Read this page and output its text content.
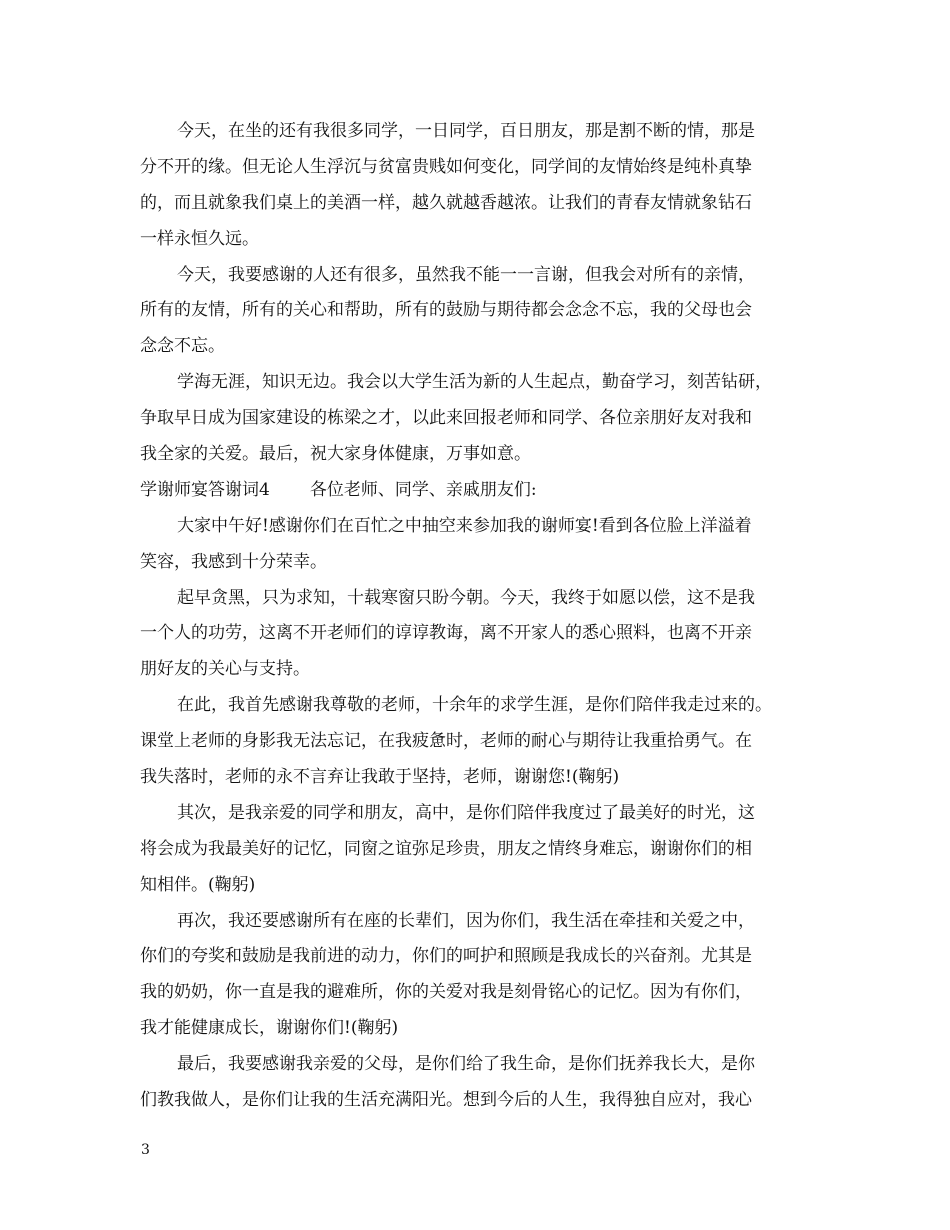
今天，在坐的还有我很多同学，一日同学，百日朋友，那是割不断的情，那是
分不开的缘。但无论人生浮沉与贫富贵贱如何变化，同学间的友情始终是纯朴真挚
的，而且就象我们桌上的美酒一样，越久就越香越浓。让我们的青春友情就象钻石
一样永恒久远。
今天，我要感谢的人还有很多，虽然我不能一一言谢，但我会对所有的亲情，
所有的友情，所有的关心和帮助，所有的鼓励与期待都会念念不忘，我的父母也会
念念不忘。
学海无涯，知识无边。我会以大学生活为新的人生起点，勤奋学习，刻苦钻研，
争取早日成为国家建设的栋梁之才，以此来回报老师和同学、各位亲朋好友对我和
我全家的关爱。最后，祝大家身体健康，万事如意。
学谢师宴答谢词4 各位老师、同学、亲戚朋友们:
大家中午好!感谢你们在百忙之中抽空来参加我的谢师宴!看到各位脸上洋溢着
笑容，我感到十分荣幸。
起早贪黑，只为求知，十载寒窗只盼今朝。今天，我终于如愿以偿，这不是我
一个人的功劳，这离不开老师们的谆谆教诲，离不开家人的悉心照料，也离不开亲
朋好友的关心与支持。
在此，我首先感谢我尊敬的老师，十余年的求学生涯，是你们陪伴我走过来的。
课堂上老师的身影我无法忘记，在我疲惫时，老师的耐心与期待让我重拾勇气。在
我失落时，老师的永不言弃让我敢于坚持，老师，谢谢您!(鞠躬)
其次，是我亲爱的同学和朋友，高中，是你们陪伴我度过了最美好的时光，这
将会成为我最美好的记忆，同窗之谊弥足珍贵，朋友之情终身难忘，谢谢你们的相
知相伴。(鞠躬)
再次，我还要感谢所有在座的长辈们，因为你们，我生活在牵挂和关爱之中，
你们的夸奖和鼓励是我前进的动力，你们的呵护和照顾是我成长的兴奋剂。尤其是
我的奶奶，你一直是我的避难所，你的关爱对我是刻骨铭心的记忆。因为有你们，
我才能健康成长，谢谢你们!(鞠躬)
最后，我要感谢我亲爱的父母，是你们给了我生命，是你们抚养我长大，是你
们教我做人，是你们让我的生活充满阳光。想到今后的人生，我得独自应对，我心
3
